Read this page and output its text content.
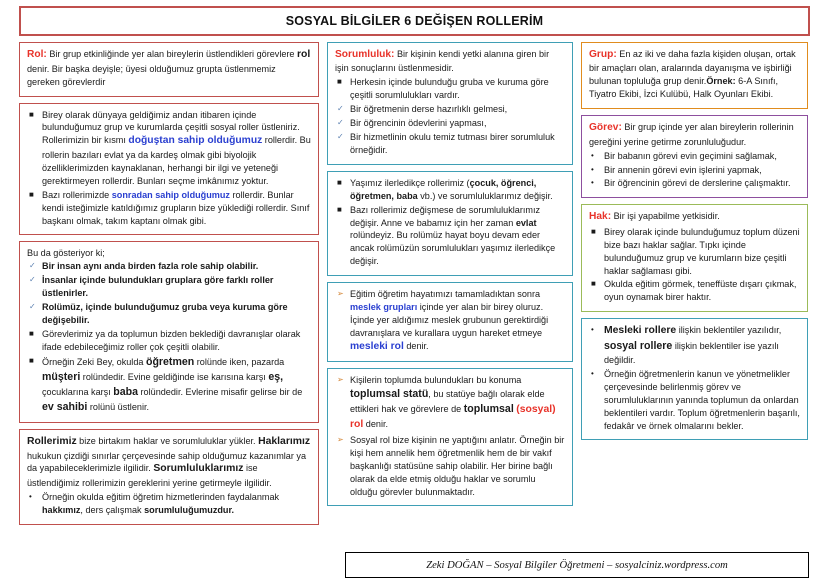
SOSYAL BİLGİLER 6 DEĞİŞEN ROLLERİM

Rol: Bir grup etkinliğinde yer alan bireylerin üstlendikleri görevlere rol denir. Bir başka deyişle; üyesi olduğumuz grupta üstlenmemiz gereken görevlerdir

■ Birey olarak dünyaya geldiğimiz andan itibaren içinde bulunduğumuz grup ve kurumlarda çeşitli sosyal roller üstleniriz. Rollerimizin bir kısmı doğuştan sahip olduğumuz rollerdir. Bu rollerin bazıları evlat ya da kardeş olmak gibi biyolojik özelliklerimizden kaynaklanan, herhangi bir ilgi ve yeteneği gerektirmeyen rollerdir. Bunları seçme imkânımız yoktur.
■ Bazı rollerimizde sonradan sahip olduğumuz rollerdir. Bunlar kendi isteğimizle katıldığımız grupların bize yüklediği rollerdir. Sınıf başkanı olmak, takım kaptanı olmak gibi.

Bu da gösteriyor ki;

✓ Bir insan aynı anda birden fazla role sahip olabilir.
✓ İnsanlar içinde bulundukları gruplara göre farklı roller üstlenirler.
✓ Rolümüz, içinde bulunduğumuz gruba veya kuruma göre değişebilir.
■ Görevlerimiz ya da toplumun bizden beklediği davranışlar olarak ifade edebileceğimiz roller çok çeşitli olabilir.
■ Örneğin Zeki Bey, okulda öğretmen rolünde iken, pazarda müşteri rolündedir. Evine geldiğinde ise karısına karşı eş, çocuklarına karşı baba rolündedir. Evlerine misafir gelirse bir de ev sahibi rolünü üstlenir.

Rollerimiz bize birtakım haklar ve sorumluluklar yükler. Haklarımız hukukun çizdiği sınırlar çerçevesinde sahip olduğumuz kazanımlar ya da yapabileceklerimizle ilgilidir. Sorumluluklarımız ise üstlendiğimiz rollerimizin gereklerini yerine getirmeyle ilgilidir.

• Örneğin okulda eğitim öğretim hizmetlerinden faydalanmak hakkımız, ders çalışmak sorumluluğumuzdur.

Sorumluluk: Bir kişinin kendi yetki alanına giren bir işin sonuçlarını üstlenmesidir.

■ Herkesin içinde bulunduğu gruba ve kuruma göre çeşitli sorumlulukları vardır.
✓ Bir öğretmenin derse hazırlıklı gelmesi,
✓ Bir öğrencinin ödevlerini yapması,
✓ Bir hizmetlinin okulu temiz tutması birer sorumluluk örneğidir.
■ Yaşımız ilerledikçe rollerimiz (çocuk, öğrenci, öğretmen, baba vb.) ve sorumluluklarımız değişir.
■ Bazı rollerimiz değişmese de sorumluluklarımız değişir. Anne ve babamız için her zaman evlat rolündeyiz. Bu rolümüz hayat boyu devam eder ancak rolümüzün sorumlulukları yaşımız ilerledikçe değişir.
➢ Eğitim öğretim hayatımızı tamamladıktan sonra meslek grupları içinde yer alan bir birey oluruz. İçinde yer aldığımız meslek grubunun gerektirdiği davranışlara ve kurallara uygun hareket etmeye mesleki rol denir.
➢ Kişilerin toplumda bulundukları bu konuma toplumsal statü, bu statüye bağlı olarak elde ettikleri hak ve görevlere de toplumsal (sosyal) rol denir.
➢ Sosyal rol bize kişinin ne yaptığını anlatır. Örneğin bir kişi hem annelik hem öğretmenlik hem de bir vakıf başkanlığı statüsüne sahip olabilir. Her birine bağlı olarak da elde etmiş olduğu haklar ve sorumlu olduğu görevler bulunmaktadır.

Grup: En az iki ve daha fazla kişiden oluşan, ortak bir amaçları olan, aralarında dayanışma ve işbirliği bulunan topluluğa grup denir.Örnek: 6-A Sınıfı, Tiyatro Ekibi, İzci Kulübü, Halk Oyunları Ekibi.

Görev: Bir grup içinde yer alan bireylerin rollerinin gereğini yerine getirme zorunluluğudur.

• Bir babanın görevi evin geçimini sağlamak,
• Bir annenin görevi evin işlerini yapmak,
• Bir öğrencinin görevi de derslerine çalışmaktır.

Hak: Bir işi yapabilme yetkisidir.

■ Birey olarak içinde bulunduğumuz toplum düzeni bize bazı haklar sağlar. Tıpkı içinde bulunduğumuz grup ve kurumların bize çeşitli haklar sağlaması gibi.
■ Okulda eğitim görmek, teneffüste dışarı çıkmak, oyun oynamak birer haktır.
• Mesleki rollere ilişkin beklentiler yazılıdır, sosyal rollere ilişkin beklentiler ise yazılı değildir.
• Örneğin öğretmenlerin kanun ve yönetmelikler çerçevesinde belirlenmiş görev ve sorumluluklarının yanında toplumun da onlardan beklentileri vardır. Toplum öğretmenlerin başarılı, fedakâr ve örnek olmalarını bekler.
Zeki DOĞAN – Sosyal Bilgiler Öğretmeni – sosyalciniz.wordpress.com
